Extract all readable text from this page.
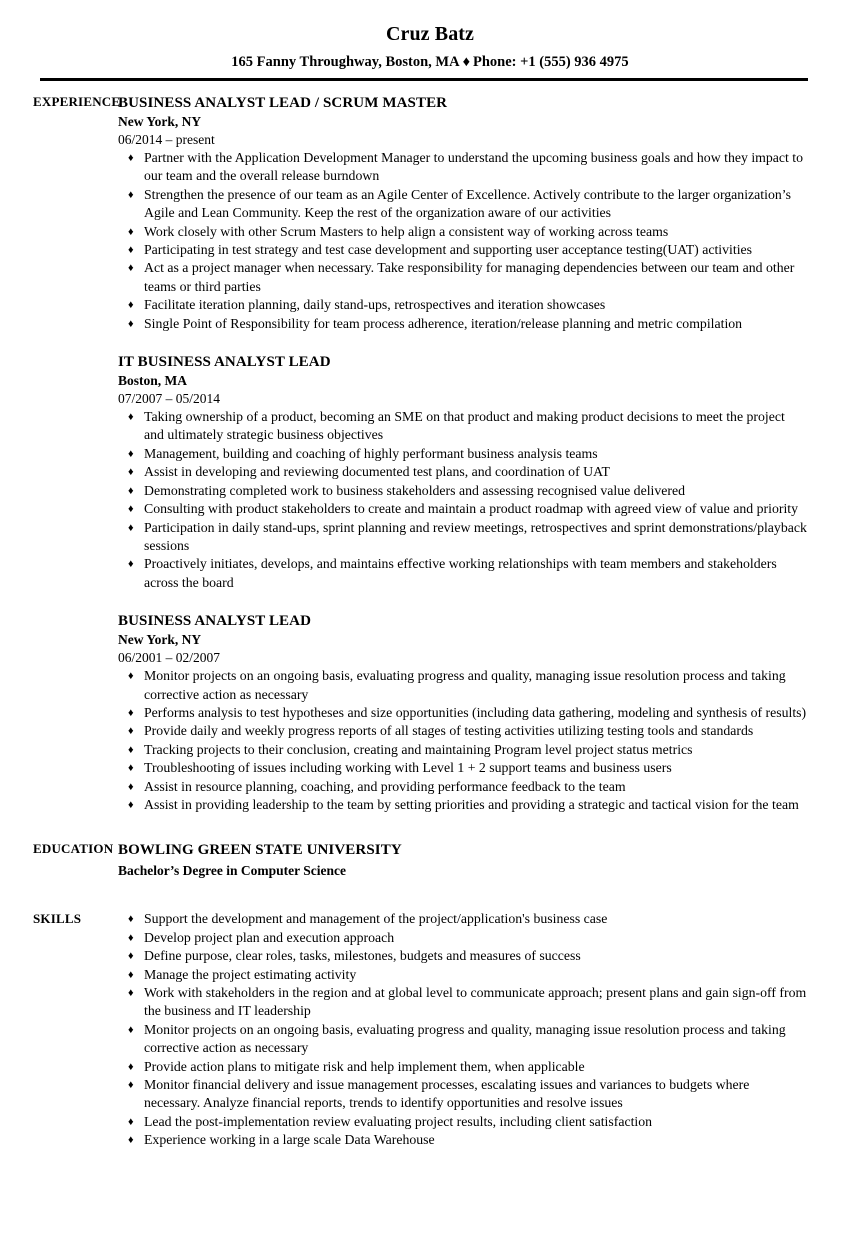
Cruz Batz
165 Fanny Throughway, Boston, MA ♦ Phone: +1 (555) 936 4975
EXPERIENCE
BUSINESS ANALYST LEAD / SCRUM MASTER
New York, NY
06/2014 – present
♦ Partner with the Application Development Manager to understand the upcoming business goals and how they impact to our team and the overall release burndown
♦ Strengthen the presence of our team as an Agile Center of Excellence. Actively contribute to the larger organization’s Agile and Lean Community. Keep the rest of the organization aware of our activities
♦ Work closely with other Scrum Masters to help align a consistent way of working across teams
♦ Participating in test strategy and test case development and supporting user acceptance testing(UAT) activities
♦ Act as a project manager when necessary. Take responsibility for managing dependencies between our team and other teams or third parties
♦ Facilitate iteration planning, daily stand-ups, retrospectives and iteration showcases
♦ Single Point of Responsibility for team process adherence, iteration/release planning and metric compilation
IT BUSINESS ANALYST LEAD
Boston, MA
07/2007 – 05/2014
♦ Taking ownership of a product, becoming an SME on that product and making product decisions to meet the project and ultimately strategic business objectives
♦ Management, building and coaching of highly performant business analysis teams
♦ Assist in developing and reviewing documented test plans, and coordination of UAT
♦ Demonstrating completed work to business stakeholders and assessing recognised value delivered
♦ Consulting with product stakeholders to create and maintain a product roadmap with agreed view of value and priority
♦ Participation in daily stand-ups, sprint planning and review meetings, retrospectives and sprint demonstrations/playback sessions
♦ Proactively initiates, develops, and maintains effective working relationships with team members and stakeholders across the board
BUSINESS ANALYST LEAD
New York, NY
06/2001 – 02/2007
♦ Monitor projects on an ongoing basis, evaluating progress and quality, managing issue resolution process and taking corrective action as necessary
♦ Performs analysis to test hypotheses and size opportunities (including data gathering, modeling and synthesis of results)
♦ Provide daily and weekly progress reports of all stages of testing activities utilizing testing tools and standards
♦ Tracking projects to their conclusion, creating and maintaining Program level project status metrics
♦ Troubleshooting of issues including working with Level 1 + 2 support teams and business users
♦ Assist in resource planning, coaching, and providing performance feedback to the team
♦ Assist in providing leadership to the team by setting priorities and providing a strategic and tactical vision for the team
EDUCATION BOWLING GREEN STATE UNIVERSITY
Bachelor’s Degree in Computer Science
SKILLS	♦ Support the development and management of the project/application's business case
♦ Develop project plan and execution approach
♦ Define purpose, clear roles, tasks, milestones, budgets and measures of success
♦ Manage the project estimating activity
♦ Work with stakeholders in the region and at global level to communicate approach; present plans and gain sign-off from the business and IT leadership
♦ Monitor projects on an ongoing basis, evaluating progress and quality, managing issue resolution process and taking corrective action as necessary
♦ Provide action plans to mitigate risk and help implement them, when applicable
♦ Monitor financial delivery and issue management processes, escalating issues and variances to budgets where necessary. Analyze financial reports, trends to identify opportunities and resolve issues
♦ Lead the post-implementation review evaluating project results, including client satisfaction
♦ Experience working in a large scale Data Warehouse
